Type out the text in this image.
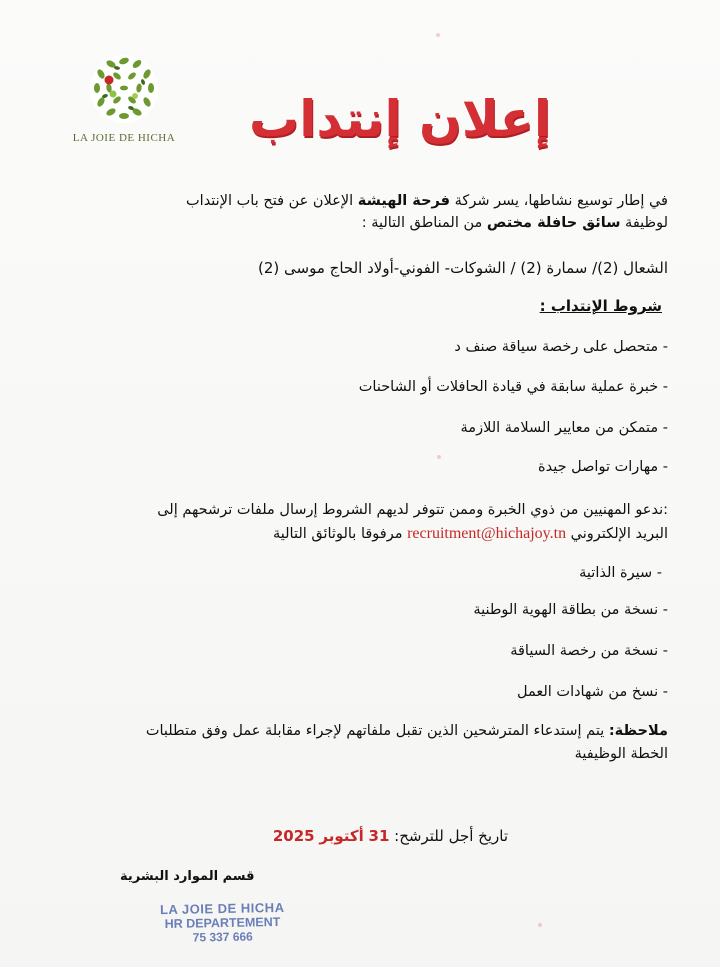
LA JOIE DE HICHA	إعلان إنتداب
في إطار توسيع نشاطها، يسر شركة فرحة الهيشة الإعلان عن فتح باب الإنتداب
لوظيفة سائق حافلة مختص من المناطق التالية :
الشعال (2)/ سمارة (2) / الشوكات- الفوني-أولاد الحاج موسى (2)
شروط الإنتداب :
- متحصل على رخصة سياقة صنف د
- خبرة عملية سابقة في قيادة الحافلات أو الشاحنات
- متمكن من معايير السلامة اللازمة
- مهارات تواصل جيدة
:ندعو المهنيين من ذوي الخبرة وممن تتوفر لديهم الشروط إرسال ملفات ترشحهم إلى
البريد الإلكتروني recruitment@hichajoy.tn مرفوقا بالوثائق التالية
- سيرة الذاتية
- نسخة من بطاقة الهوية الوطنية
- نسخة من رخصة السياقة
- نسخ من شهادات العمل
ملاحظة: يتم إستدعاء المترشحين الذين تقبل ملفاتهم لإجراء مقابلة عمل وفق متطلبات
الخطة الوظيفية
تاريخ أجل للترشح: 31 أكتوبر 2025
قسم الموارد البشرية
LA JOIE DE HICHA
HR DEPARTEMENT
75 337 666
